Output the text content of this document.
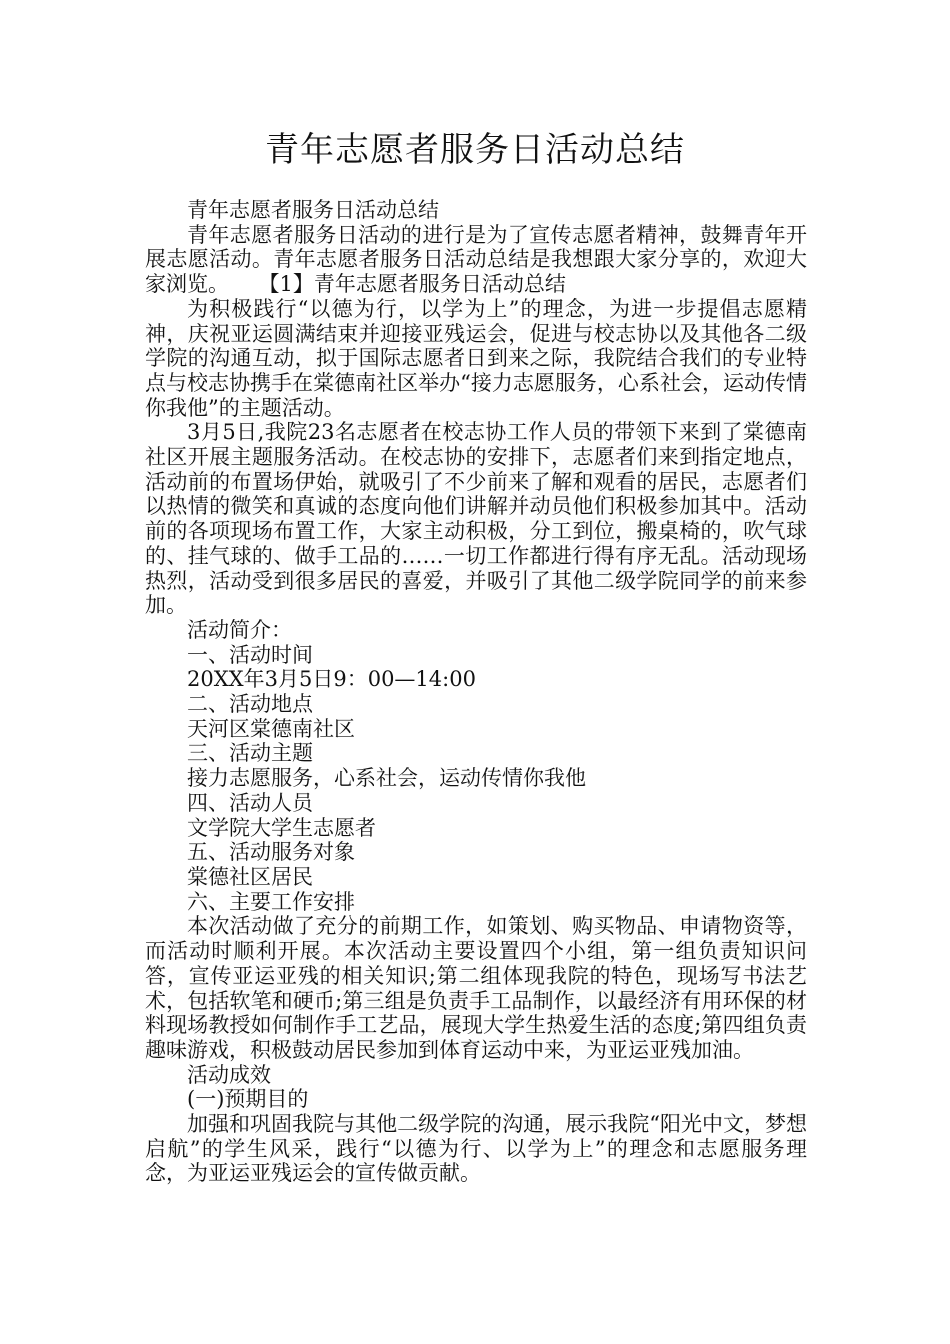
青年志愿者服务日活动总结

青年志愿者服务日活动总结

青年志愿者服务日活动的进行是为了宣传志愿者精神，鼓舞青年开展志愿活动。青年志愿者服务日活动总结是我想跟大家分享的，欢迎大家浏览。 【1】青年志愿者服务日活动总结

为积极践行“以德为行，以学为上”的理念，为进一步提倡志愿精神，庆祝亚运圆满结束并迎接亚残运会，促进与校志协以及其他各二级学院的沟通互动，拟于国际志愿者日到来之际，我院结合我们的专业特点与校志协携手在棠德南社区举办“接力志愿服务，心系社会，运动传情你我他”的主题活动。

3月5日,我院23名志愿者在校志协工作人员的带领下来到了棠德南社区开展主题服务活动。在校志协的安排下，志愿者们来到指定地点，活动前的布置场伊始，就吸引了不少前来了解和观看的居民，志愿者们以热情的微笑和真诚的态度向他们讲解并动员他们积极参加其中。活动前的各项现场布置工作，大家主动积极，分工到位，搬桌椅的，吹气球的、挂气球的、做手工品的……一切工作都进行得有序无乱。活动现场热烈，活动受到很多居民的喜爱，并吸引了其他二级学院同学的前来参加。

活动简介：

一、活动时间

20XX年3月5日9：00—14:00

二、活动地点

天河区棠德南社区

三、活动主题

接力志愿服务，心系社会，运动传情你我他

四、活动人员

文学院大学生志愿者

五、活动服务对象

棠德社区居民

六、主要工作安排

本次活动做了充分的前期工作，如策划、购买物品、申请物资等，而活动时顺利开展。本次活动主要设置四个小组，第一组负责知识问答，宣传亚运亚残的相关知识;第二组体现我院的特色，现场写书法艺术，包括软笔和硬币;第三组是负责手工品制作，以最经济有用环保的材料现场教授如何制作手工艺品，展现大学生热爱生活的态度;第四组负责趣味游戏，积极鼓动居民参加到体育运动中来，为亚运亚残加油。

活动成效

(一)预期目的

加强和巩固我院与其他二级学院的沟通，展示我院“阳光中文，梦想启航”的学生风采，践行“以德为行、以学为上”的理念和志愿服务理念，为亚运亚残运会的宣传做贡献。
